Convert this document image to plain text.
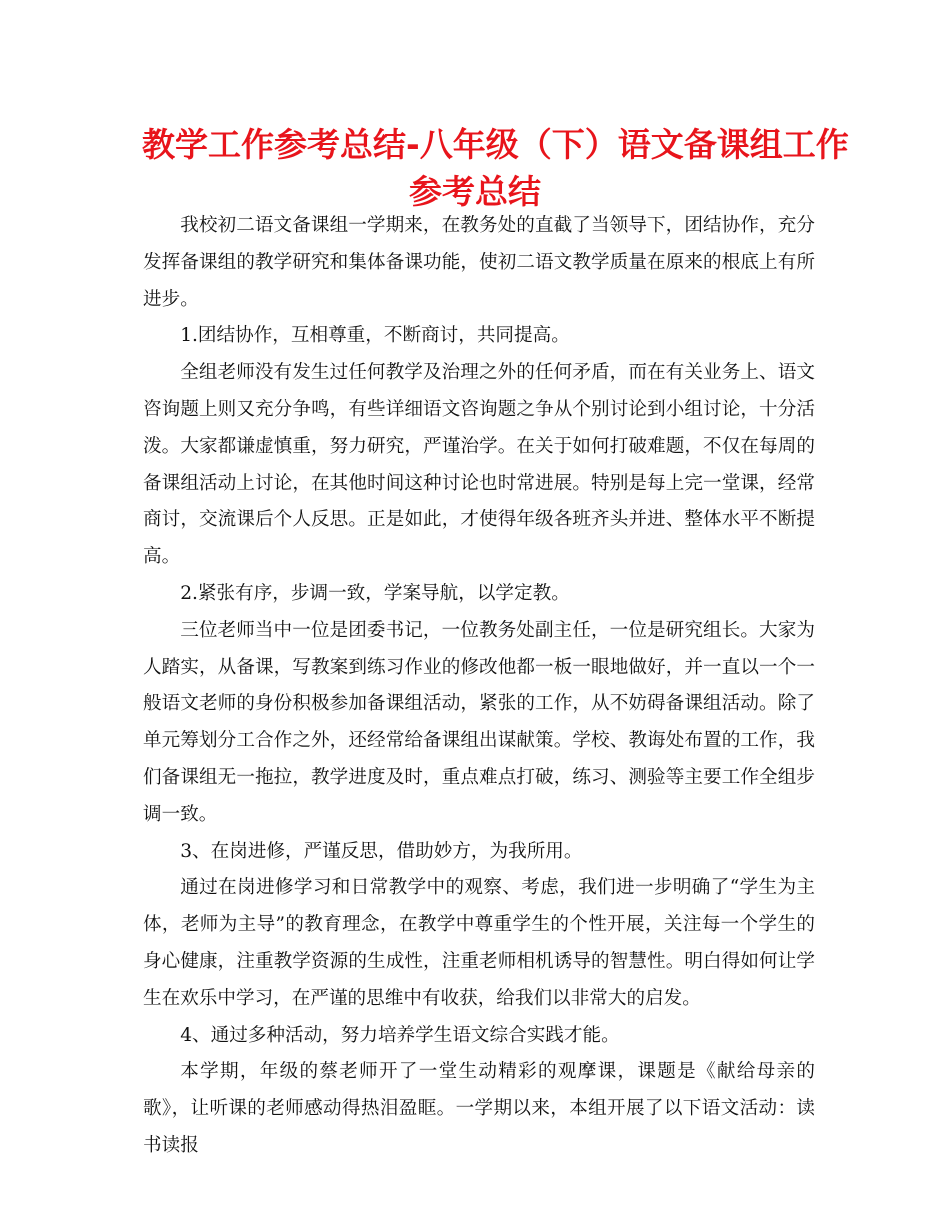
教学工作参考总结-八年级（下）语文备课组工作
参考总结

我校初二语文备课组一学期来，在教务处的直截了当领导下，团结协作，充分发挥备课组的教学研究和集体备课功能，使初二语文教学质量在原来的根底上有所进步。

1.团结协作，互相尊重，不断商讨，共同提高。

全组老师没有发生过任何教学及治理之外的任何矛盾，而在有关业务上、语文咨询题上则又充分争鸣，有些详细语文咨询题之争从个别讨论到小组讨论，十分活泼。大家都谦虚慎重，努力研究，严谨治学。在关于如何打破难题，不仅在每周的备课组活动上讨论，在其他时间这种讨论也时常进展。特别是每上完一堂课，经常商讨，交流课后个人反思。正是如此，才使得年级各班齐头并进、整体水平不断提高。

2.紧张有序，步调一致，学案导航，以学定教。

三位老师当中一位是团委书记，一位教务处副主任，一位是研究组长。大家为人踏实，从备课，写教案到练习作业的修改他都一板一眼地做好，并一直以一个一般语文老师的身份积极参加备课组活动，紧张的工作，从不妨碍备课组活动。除了单元筹划分工合作之外，还经常给备课组出谋献策。学校、教诲处布置的工作，我们备课组无一拖拉，教学进度及时，重点难点打破，练习、测验等主要工作全组步调一致。

3、在岗进修，严谨反思，借助妙方，为我所用。

通过在岗进修学习和日常教学中的观察、考虑，我们进一步明确了“学生为主体，老师为主导”的教育理念，在教学中尊重学生的个性开展，关注每一个学生的身心健康，注重教学资源的生成性，注重老师相机诱导的智慧性。明白得如何让学生在欢乐中学习，在严谨的思维中有收获，给我们以非常大的启发。

4、通过多种活动，努力培养学生语文综合实践才能。

本学期，年级的蔡老师开了一堂生动精彩的观摩课，课题是《献给母亲的歌》，让听课的老师感动得热泪盈眶。一学期以来，本组开展了以下语文活动：读书读报
